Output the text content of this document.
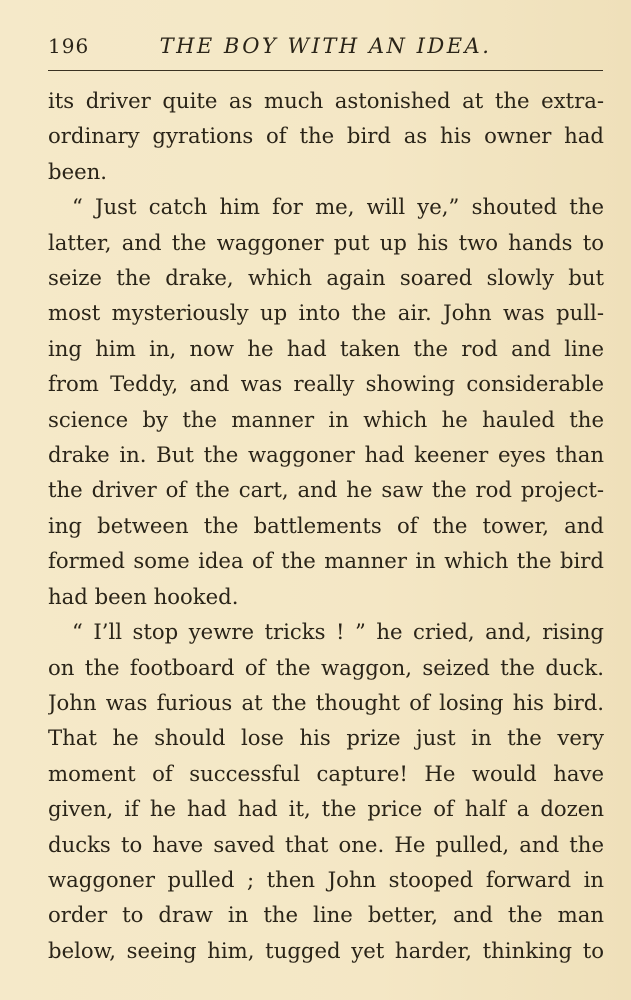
196	THE BOY WITH AN IDEA.
its driver quite as much astonished at the extra-
ordinary gyrations of the bird as his owner had
been.
“ Just catch him for me, will ye,” shouted the
latter, and the waggoner put up his two hands to
seize the drake, which again soared slowly but
most mysteriously up into the air. John was pull-
ing him in, now he had taken the rod and line
from Teddy, and was really showing considerable
science by the manner in which he hauled the
drake in. But the waggoner had keener eyes than
the driver of the cart, and he saw the rod project-
ing between the battlements of the tower, and
formed some idea of the manner in which the bird
had been hooked.
“ I’ll stop yewre tricks ! ” he cried, and, rising
on the footboard of the waggon, seized the duck.
John was furious at the thought of losing his bird.
That he should lose his prize just in the very
moment of successful capture! He would have
given, if he had had it, the price of half a dozen
ducks to have saved that one. He pulled, and the
waggoner pulled ; then John stooped forward in
order to draw in the line better, and the man
below, seeing him, tugged yet harder, thinking to
